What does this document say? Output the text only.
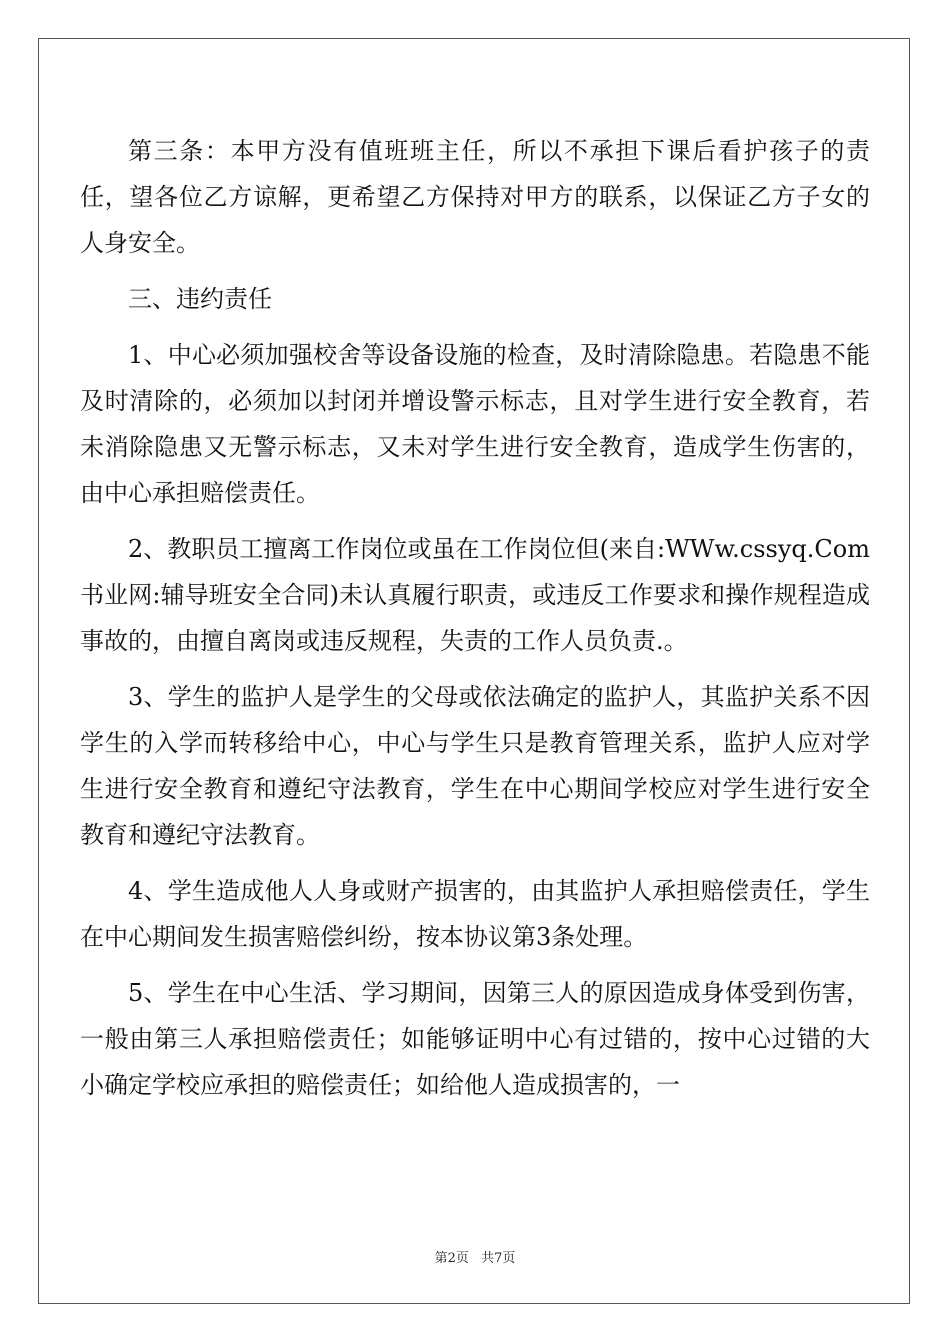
第三条：本甲方没有值班班主任，所以不承担下课后看护孩子的责任，望各位乙方谅解，更希望乙方保持对甲方的联系，以保证乙方子女的人身安全。

三、违约责任

1、中心必须加强校舍等设备设施的检查，及时清除隐患。若隐患不能及时清除的，必须加以封闭并增设警示标志，且对学生进行安全教育，若未消除隐患又无警示标志，又未对学生进行安全教育，造成学生伤害的，由中心承担赔偿责任。

2、教职员工擅离工作岗位或虽在工作岗位但(来自:WWw.cssyq.Com 书业网:辅导班安全合同)未认真履行职责，或违反工作要求和操作规程造成事故的，由擅自离岗或违反规程，失责的工作人员负责.。

3、学生的监护人是学生的父母或依法确定的监护人，其监护关系不因学生的入学而转移给中心，中心与学生只是教育管理关系，监护人应对学生进行安全教育和遵纪守法教育，学生在中心期间学校应对学生进行安全教育和遵纪守法教育。

4、学生造成他人人身或财产损害的，由其监护人承担赔偿责任，学生在中心期间发生损害赔偿纠纷，按本协议第3条处理。

5、学生在中心生活、学习期间，因第三人的原因造成身体受到伤害，一般由第三人承担赔偿责任；如能够证明中心有过错的，按中心过错的大小确定学校应承担的赔偿责任；如给他人造成损害的，一

第2页 共7页
